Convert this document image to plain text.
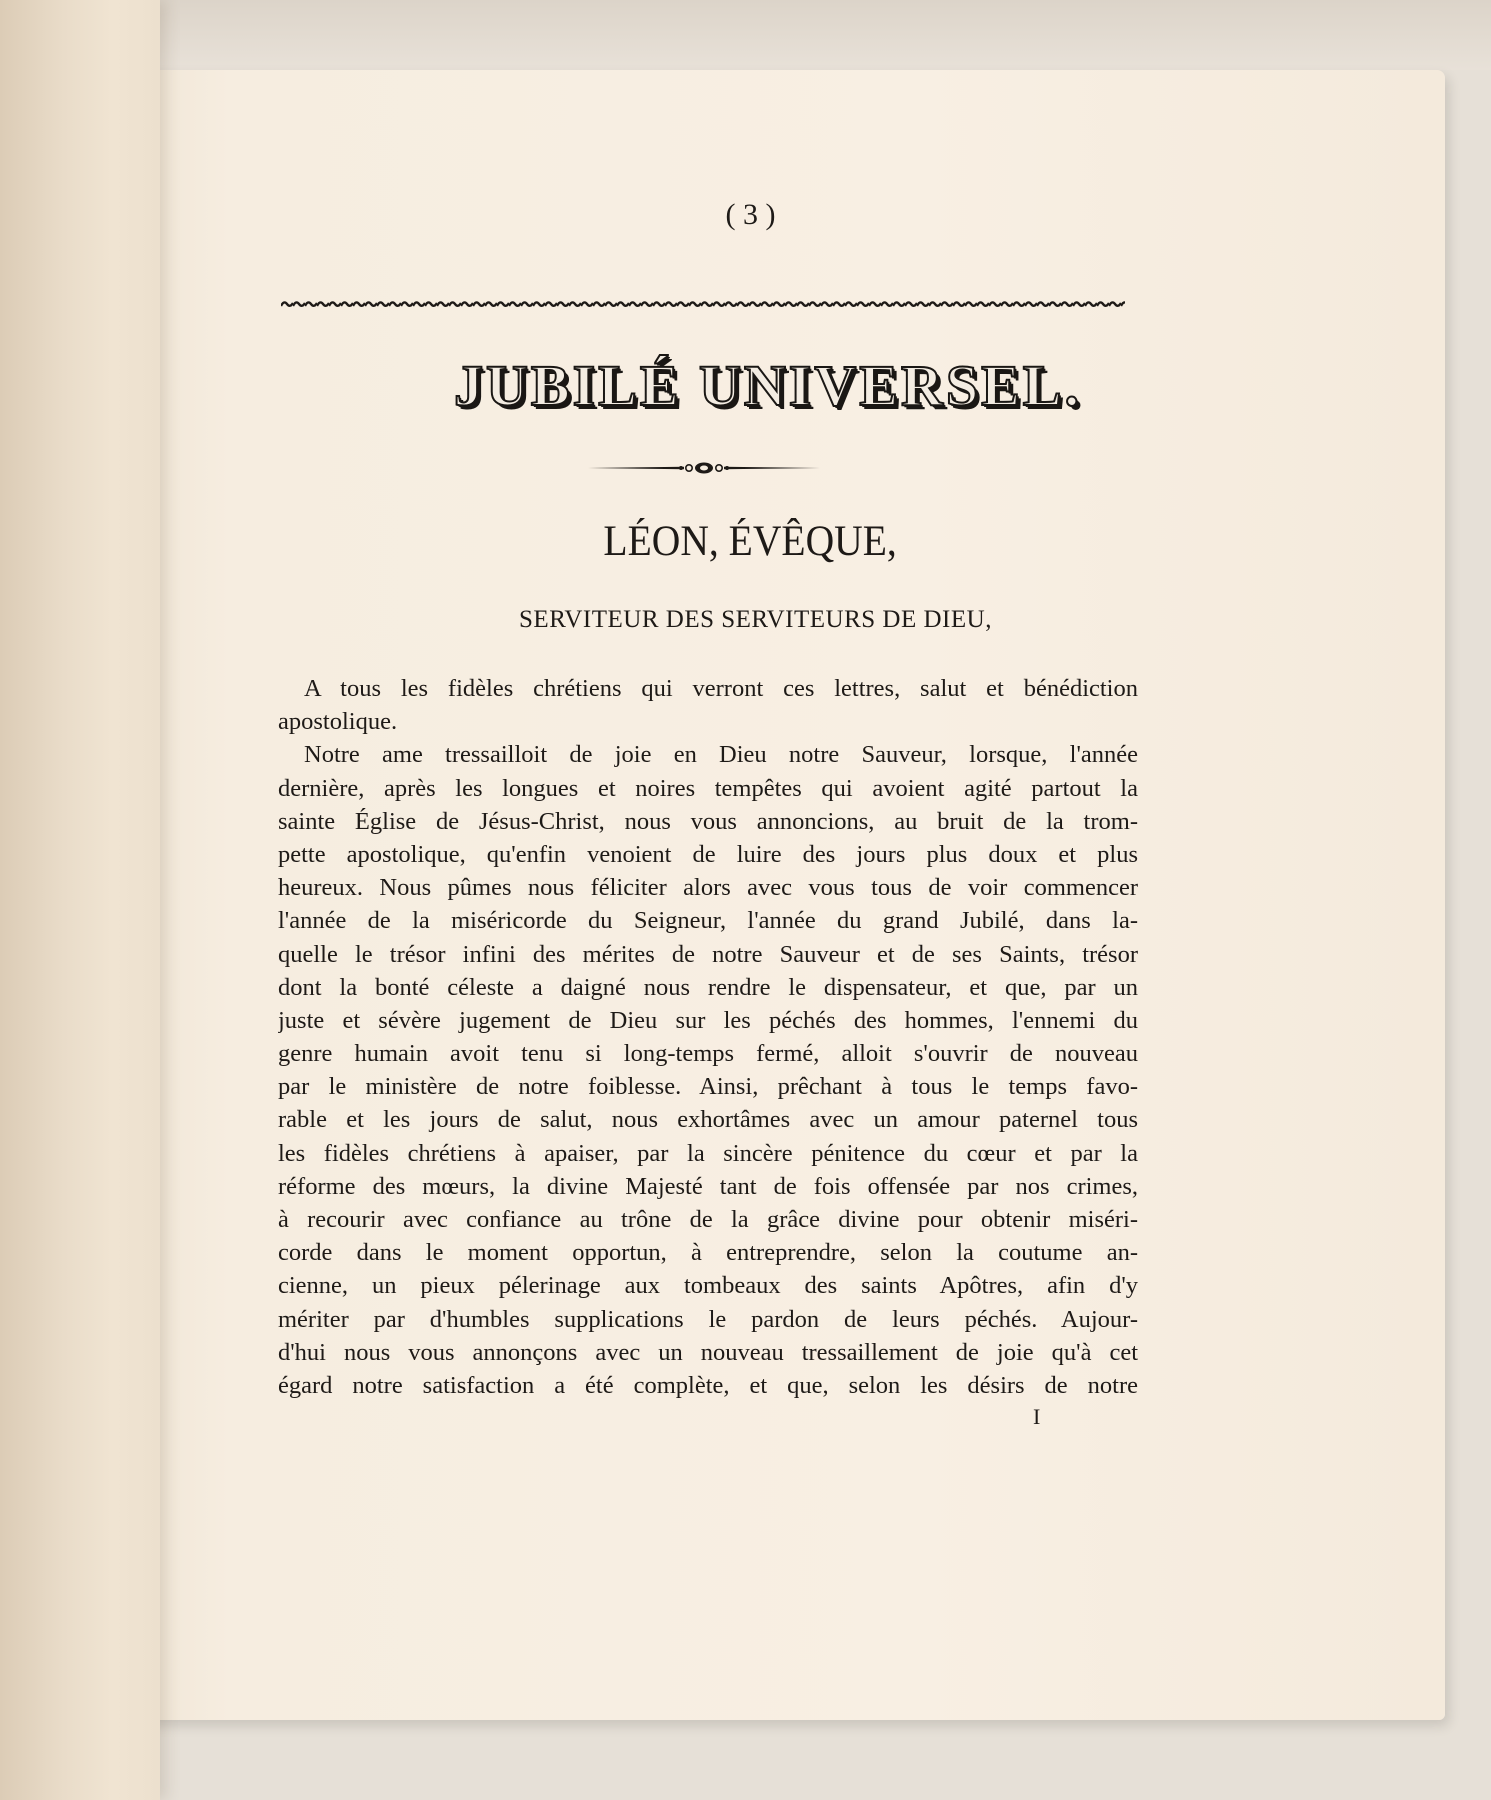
( 3 )
JUBILÉ UNIVERSEL.
LÉON, ÉVÊQUE,
SERVITEUR DES SERVITEURS DE DIEU,
A tous les fidèles chrétiens qui verront ces lettres, salut et bénédiction
apostolique.
Notre ame tressailloit de joie en Dieu notre Sauveur, lorsque, l'année
dernière, après les longues et noires tempêtes qui avoient agité partout la
sainte Église de Jésus-Christ, nous vous annoncions, au bruit de la trom-
pette apostolique, qu'enfin venoient de luire des jours plus doux et plus
heureux. Nous pûmes nous féliciter alors avec vous tous de voir commencer
l'année de la miséricorde du Seigneur, l'année du grand Jubilé, dans la-
quelle le trésor infini des mérites de notre Sauveur et de ses Saints, trésor
dont la bonté céleste a daigné nous rendre le dispensateur, et que, par un
juste et sévère jugement de Dieu sur les péchés des hommes, l'ennemi du
genre humain avoit tenu si long-temps fermé, alloit s'ouvrir de nouveau
par le ministère de notre foiblesse. Ainsi, prêchant à tous le temps favo-
rable et les jours de salut, nous exhortâmes avec un amour paternel tous
les fidèles chrétiens à apaiser, par la sincère pénitence du cœur et par la
réforme des mœurs, la divine Majesté tant de fois offensée par nos crimes,
à recourir avec confiance au trône de la grâce divine pour obtenir miséri-
corde dans le moment opportun, à entreprendre, selon la coutume an-
cienne, un pieux pélerinage aux tombeaux des saints Apôtres, afin d'y
mériter par d'humbles supplications le pardon de leurs péchés. Aujour-
d'hui nous vous annonçons avec un nouveau tressaillement de joie qu'à cet
égard notre satisfaction a été complète, et que, selon les désirs de notre
I
